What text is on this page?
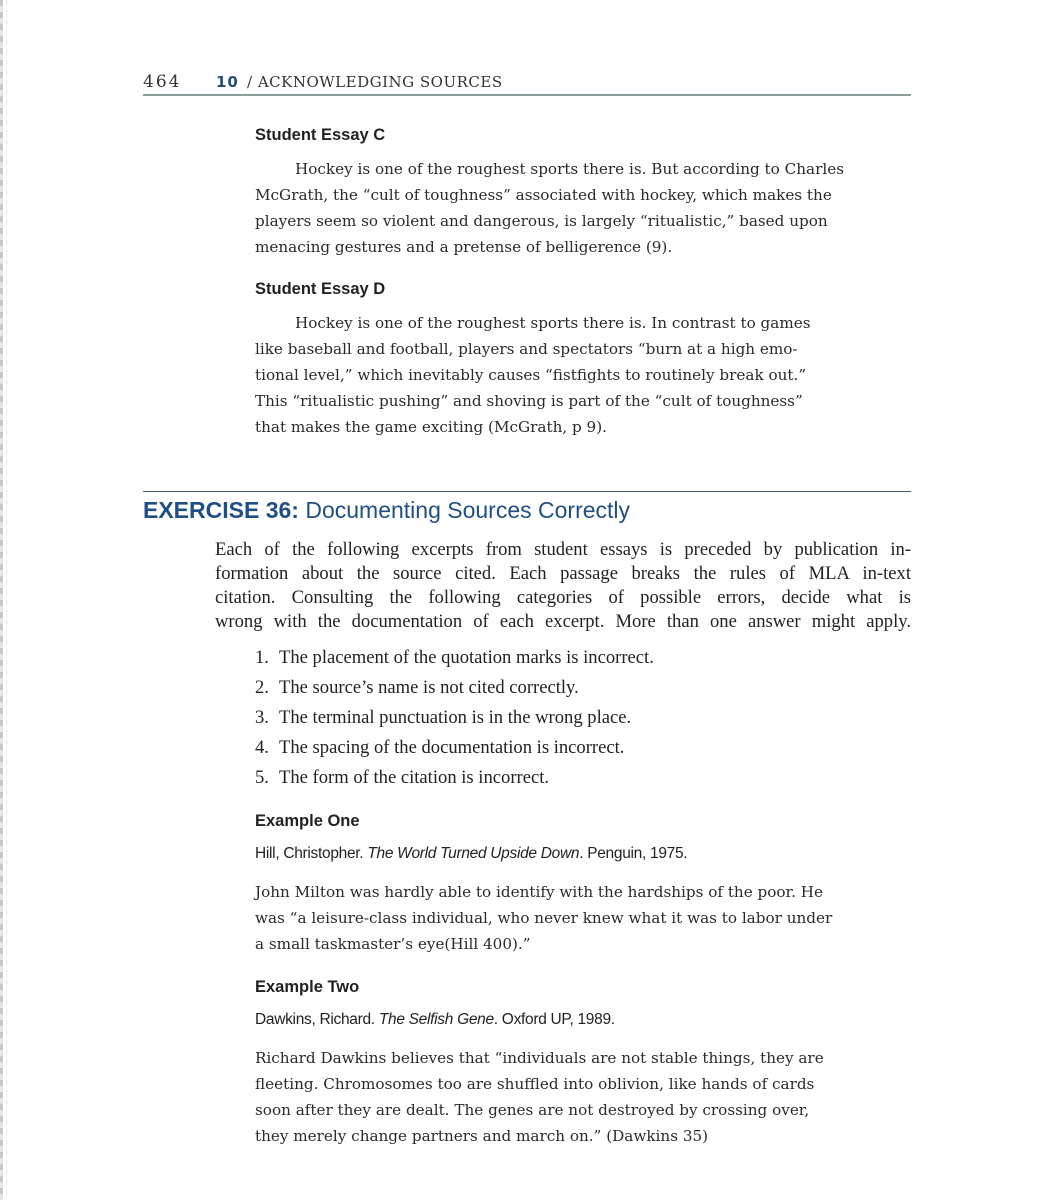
464 10 / ACKNOWLEDGING SOURCES
Student Essay C
Hockey is one of the roughest sports there is. But according to Charles
McGrath, the “cult of toughness” associated with hockey, which makes the
players seem so violent and dangerous, is largely “ritualistic,” based upon
menacing gestures and a pretense of belligerence (9).
Student Essay D
Hockey is one of the roughest sports there is. In contrast to games
like baseball and football, players and spectators “burn at a high emo-
tional level,” which inevitably causes “fistfights to routinely break out.”
This “ritualistic pushing” and shoving is part of the “cult of toughness”
that makes the game exciting (McGrath, p 9).
EXERCISE 36: Documenting Sources Correctly
Each of the following excerpts from student essays is preceded by publication in-
formation about the source cited. Each passage breaks the rules of MLA in-text
citation. Consulting the following categories of possible errors, decide what is
wrong with the documentation of each excerpt. More than one answer might apply.
1. The placement of the quotation marks is incorrect.
2. The source’s name is not cited correctly.
3. The terminal punctuation is in the wrong place.
4. The spacing of the documentation is incorrect.
5. The form of the citation is incorrect.
Example One
Hill, Christopher. The World Turned Upside Down. Penguin, 1975.
John Milton was hardly able to identify with the hardships of the poor. He
was “a leisure-class individual, who never knew what it was to labor under
a small taskmaster’s eye(Hill 400).”
Example Two
Dawkins, Richard. The Selfish Gene. Oxford UP, 1989.
Richard Dawkins believes that “individuals are not stable things, they are
fleeting. Chromosomes too are shuffled into oblivion, like hands of cards
soon after they are dealt. The genes are not destroyed by crossing over,
they merely change partners and march on.” (Dawkins 35)
